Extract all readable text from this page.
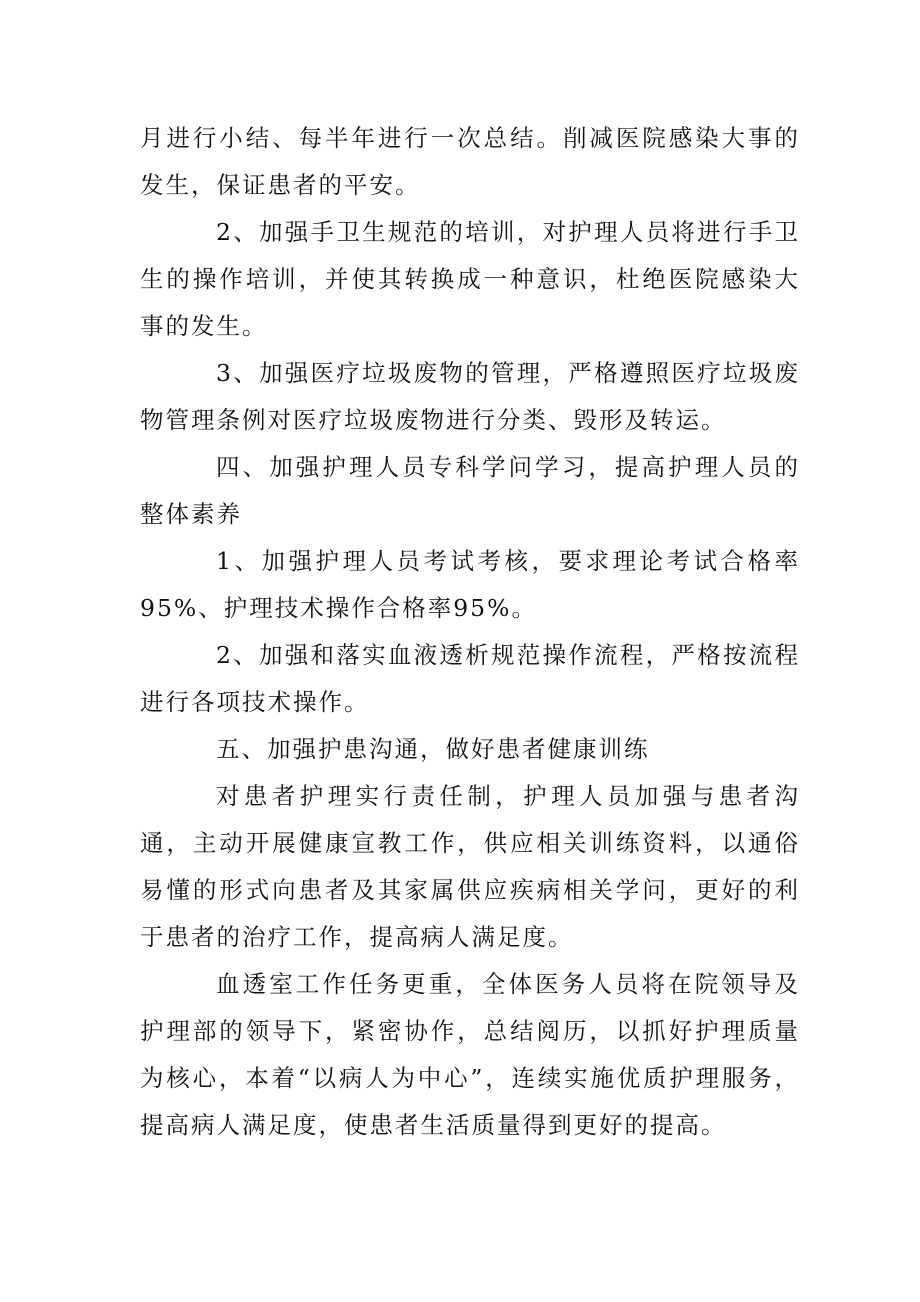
月进行小结、每半年进行一次总结。削减医院感染大事的发生，保证患者的平安。

2、加强手卫生规范的培训，对护理人员将进行手卫生的操作培训，并使其转换成一种意识，杜绝医院感染大事的发生。

3、加强医疗垃圾废物的管理，严格遵照医疗垃圾废物管理条例对医疗垃圾废物进行分类、毁形及转运。

四、加强护理人员专科学问学习，提高护理人员的整体素养

1、加强护理人员考试考核，要求理论考试合格率95%、护理技术操作合格率95%。

2、加强和落实血液透析规范操作流程，严格按流程进行各项技术操作。

五、加强护患沟通，做好患者健康训练

对患者护理实行责任制，护理人员加强与患者沟通，主动开展健康宣教工作，供应相关训练资料，以通俗易懂的形式向患者及其家属供应疾病相关学问，更好的利于患者的治疗工作，提高病人满足度。

血透室工作任务更重，全体医务人员将在院领导及护理部的领导下，紧密协作，总结阅历，以抓好护理质量为核心，本着“以病人为中心”，连续实施优质护理服务，提高病人满足度，使患者生活质量得到更好的提高。
